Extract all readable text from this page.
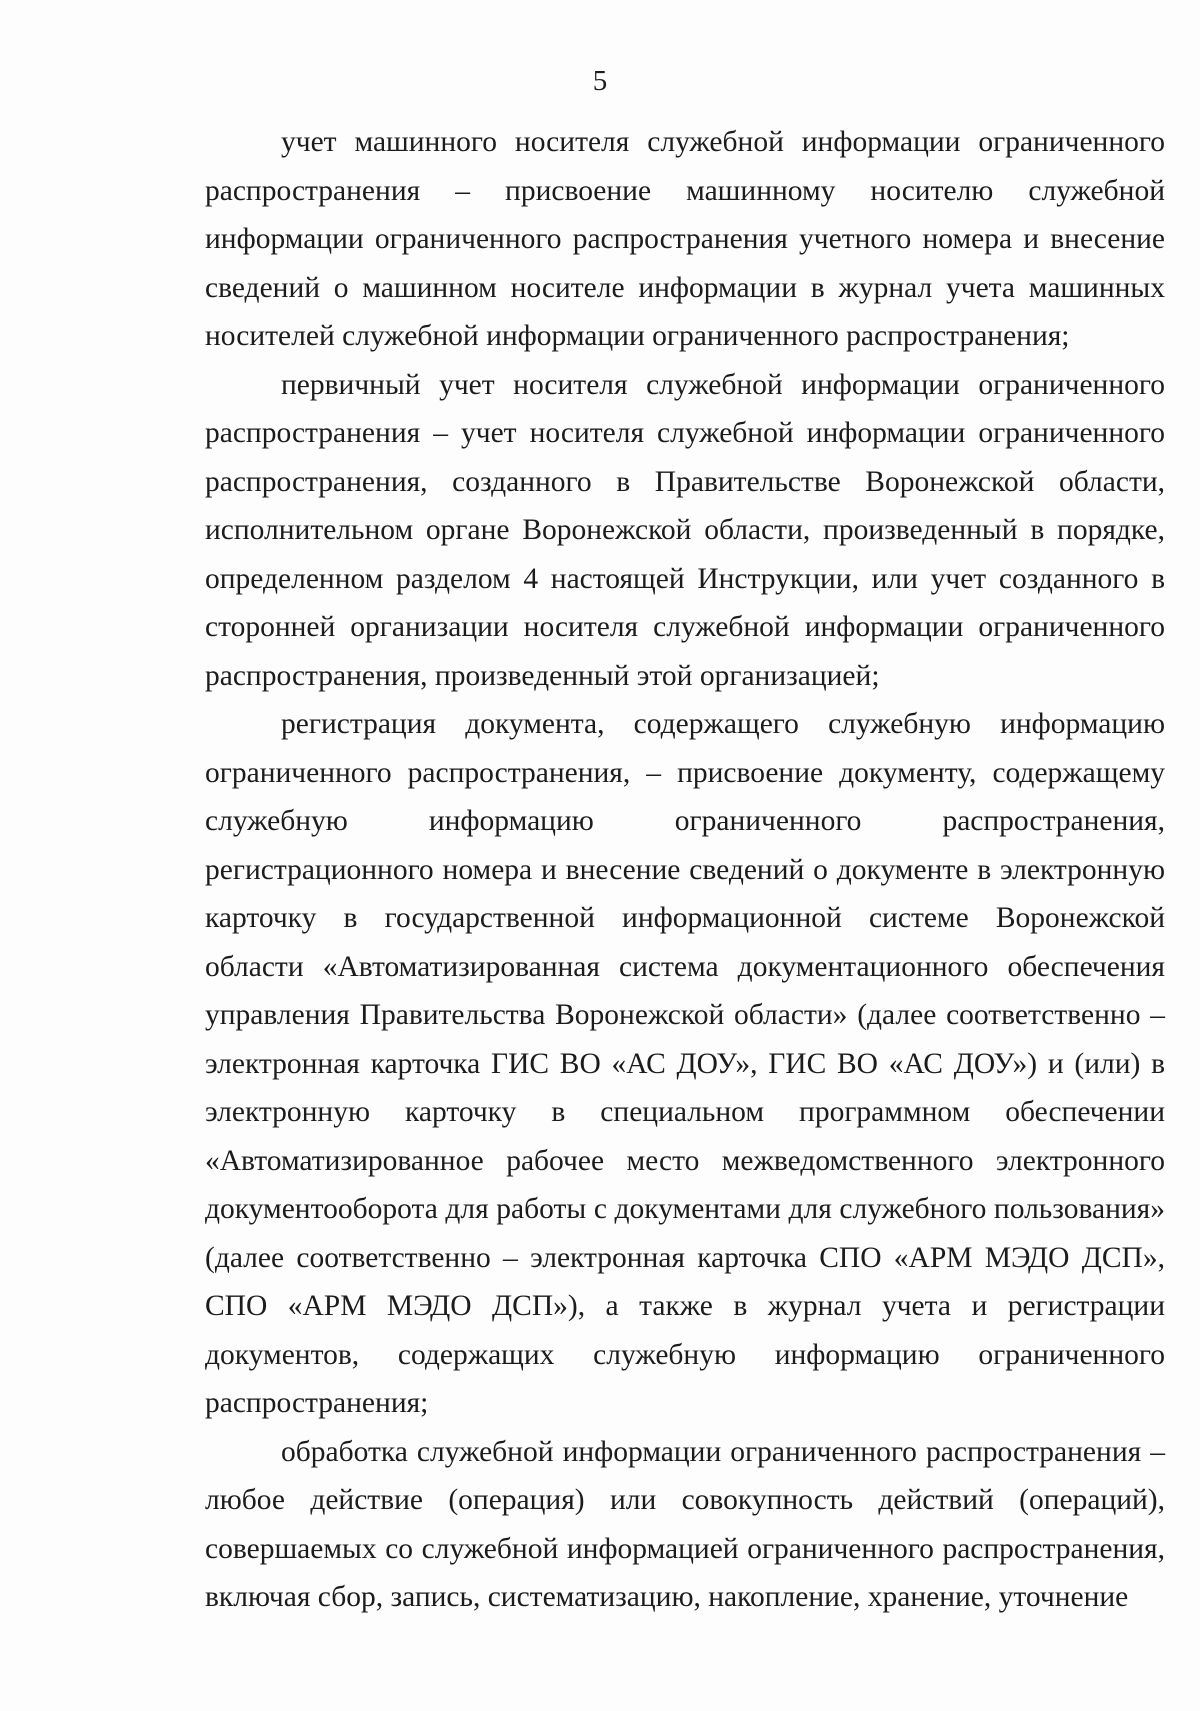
5

учет машинного носителя служебной информации ограниченного распространения – присвоение машинному носителю служебной информации ограниченного распространения учетного номера и внесение сведений о машинном носителе информации в журнал учета машинных носителей служебной информации ограниченного распространения;

первичный учет носителя служебной информации ограниченного распространения – учет носителя служебной информации ограниченного распространения, созданного в Правительстве Воронежской области, исполнительном органе Воронежской области, произведенный в порядке, определенном разделом 4 настоящей Инструкции, или учет созданного в сторонней организации носителя служебной информации ограниченного распространения, произведенный этой организацией;

регистрация документа, содержащего служебную информацию ограниченного распространения, – присвоение документу, содержащему служебную информацию ограниченного распространения, регистрационного номера и внесение сведений о документе в электронную карточку в государственной информационной системе Воронежской области «Автоматизированная система документационного обеспечения управления Правительства Воронежской области» (далее соответственно – электронная карточка ГИС ВО «АС ДОУ», ГИС ВО «АС ДОУ») и (или) в электронную карточку в специальном программном обеспечении «Автоматизированное рабочее место межведомственного электронного документооборота для работы с документами для служебного пользования» (далее соответственно – электронная карточка СПО «АРМ МЭДО ДСП», СПО «АРМ МЭДО ДСП»), а также в журнал учета и регистрации документов, содержащих служебную информацию ограниченного распространения;

обработка служебной информации ограниченного распространения – любое действие (операция) или совокупность действий (операций), совершаемых со служебной информацией ограниченного распространения, включая сбор, запись, систематизацию, накопление, хранение, уточнение
